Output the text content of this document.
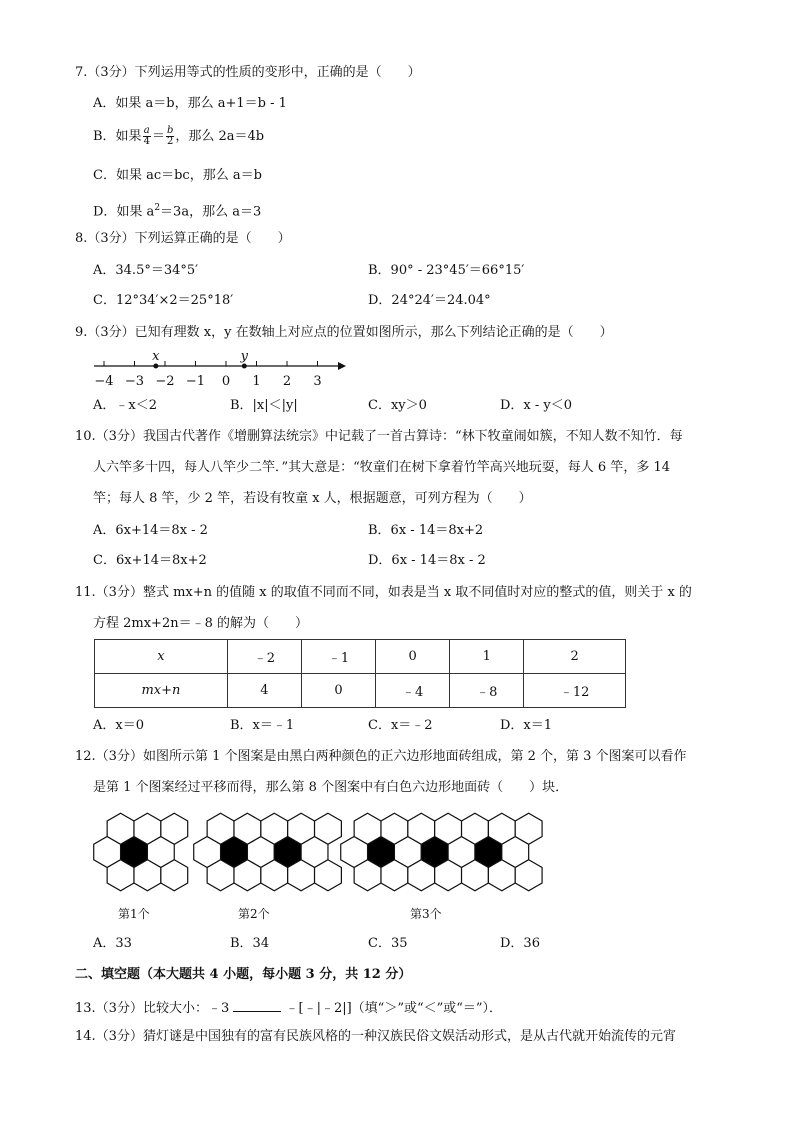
7.（3分）下列运用等式的性质的变形中，正确的是（　　）
A．如果 a＝b，那么 a+1＝b - 1
B．如果 $\frac{a}{4} = \frac{b}{2}$ ，那么 2a＝4b
C．如果 ac＝bc，那么 a＝b
D．如果 $a^2=3a$，那么 a＝3
8.（3分）下列运算正确的是（　　）
A．34.5°＝34°5′	B．90° - 23°45′＝66°15′
C．12°34′×2＝25°18′	D．24°24′＝24.04°
9.（3分）已知有理数 x，y 在数轴上对应点的位置如图所示，那么下列结论正确的是（　　）
−4 −3 −2 −1 0 1 2 3
x	y
A．﹣x＜2	B．|x|＜|y|	C．xy＞0	D．x - y＜0
10.（3分）我国古代著作《增删算法统宗》中记载了一首古算诗：“林下牧童闹如簇，不知人数不知竹．每
人六竿多十四，每人八竿少二竿．”其大意是：“牧童们在树下拿着竹竿高兴地玩耍，每人 6 竿，多 14
竿；每人 8 竿，少 2 竿，若设有牧童 x 人，根据题意，可列方程为（　　）
A．6x+14＝8x - 2	B．6x - 14＝8x+2
C．6x+14＝8x+2	D．6x - 14＝8x - 2
11.（3分）整式 mx+n 的值随 x 的取值不同而不同，如表是当 x 取不同值时对应的整式的值，则关于 x 的
方程 2mx+2n＝﹣8 的解为（　　）
x	﹣2	﹣1	0	1	2
mx+n	4	0	﹣4	﹣8	﹣12
A．x＝0	B．x＝﹣1	C．x＝﹣2	D．x＝1
12.（3分）如图所示第 1 个图案是由黑白两种颜色的正六边形地面砖组成，第 2 个，第 3 个图案可以看作
是第 1 个图案经过平移而得，那么第 8 个图案中有白色六边形地面砖（　　）块．
第1个	第2个	第3个
A．33	B．34	C．35	D．36
二、填空题（本大题共 4 小题，每小题 3 分，共 12 分）
13.（3分）比较大小：﹣3	﹣[﹣|﹣2|]（填“＞”或“＜”或“＝”）．
14.（3分）猜灯谜是中国独有的富有民族风格的一种汉族民俗文娱活动形式，是从古代就开始流传的元宵
